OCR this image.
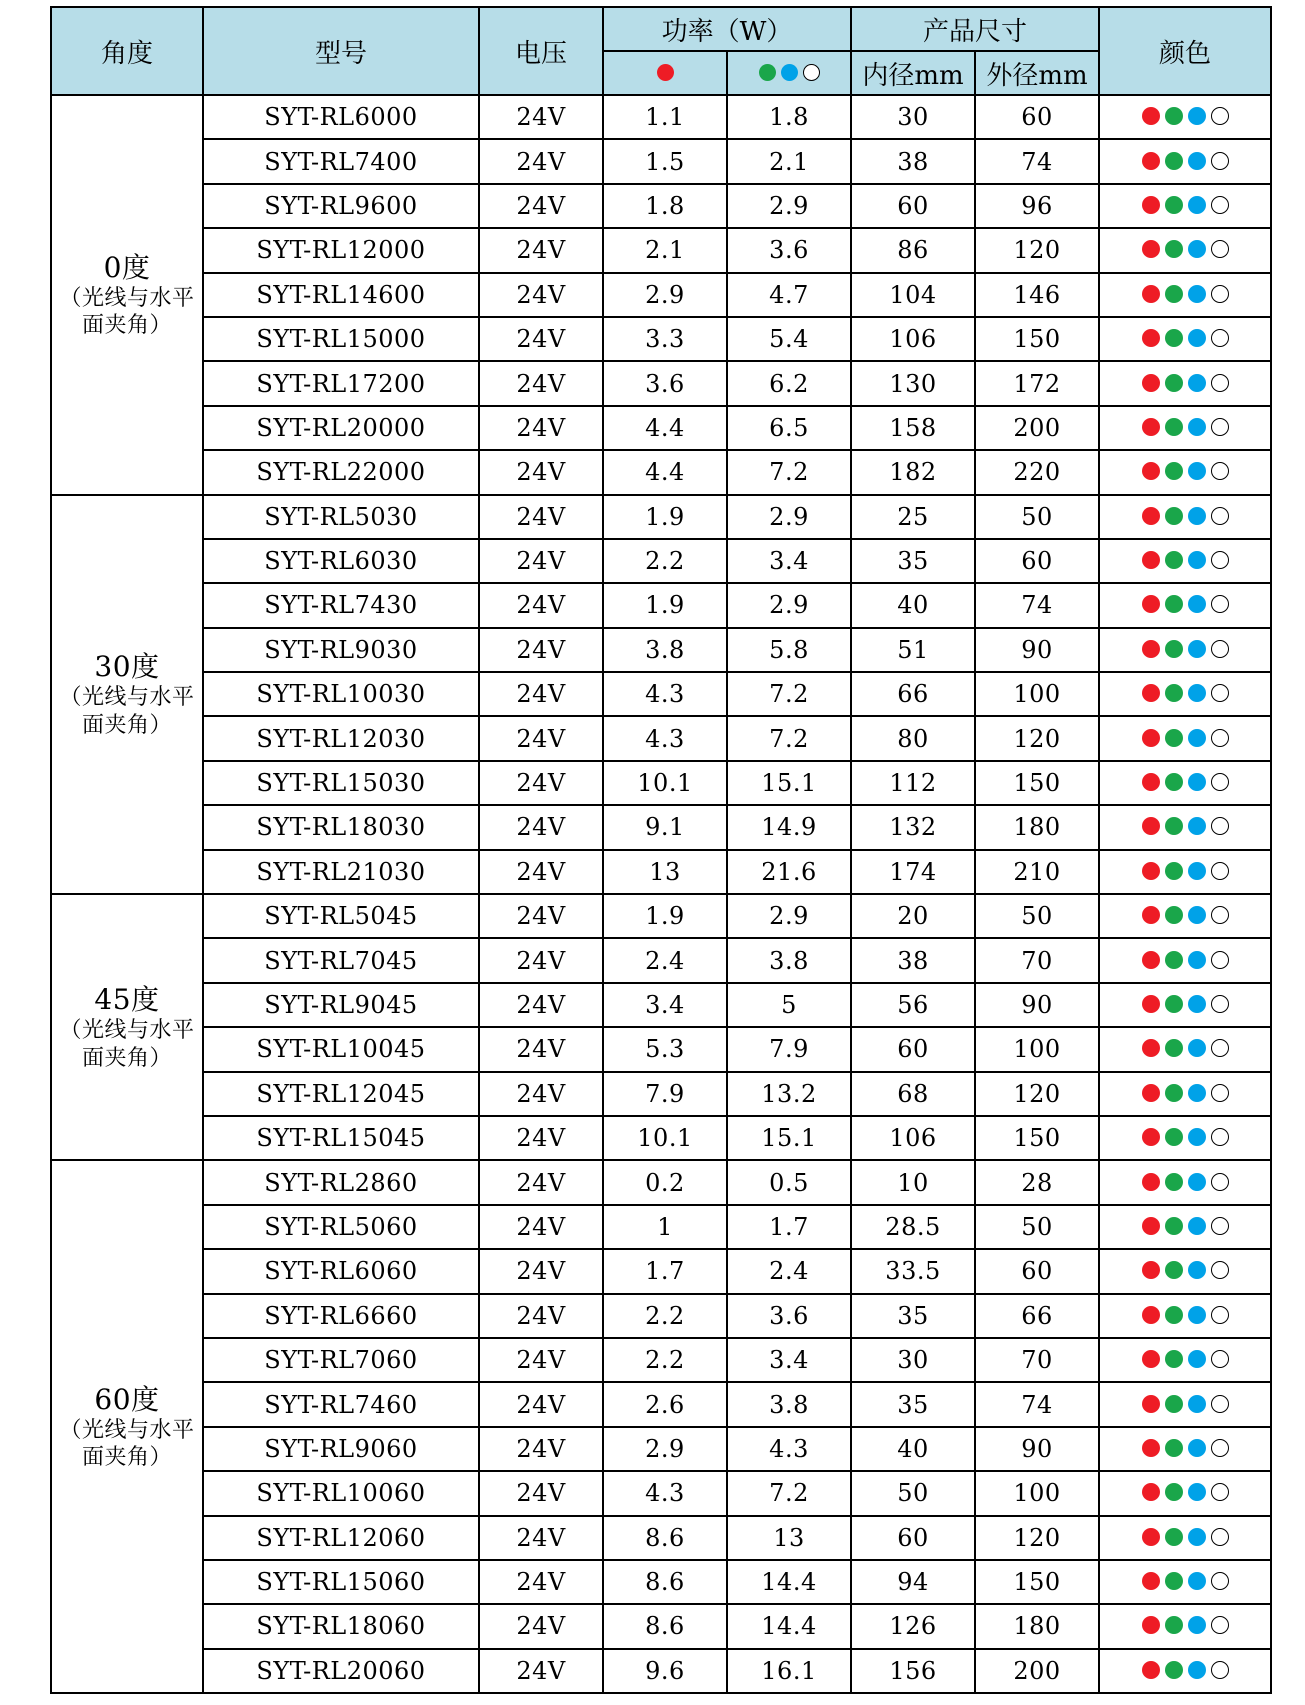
角度	型号	电压	功率（W）		产品尺寸		颜色

				内径mm	外径mm	

0度
（光线与水平面夹角）	SYT-RL6000	24V	1.1	1.8	30	60	

	SYT-RL7400	24V	1.5	2.1	38	74	

	SYT-RL9600	24V	1.8	2.9	60	96	

	SYT-RL12000	24V	2.1	3.6	86	120	

	SYT-RL14600	24V	2.9	4.7	104	146	

	SYT-RL15000	24V	3.3	5.4	106	150	

	SYT-RL17200	24V	3.6	6.2	130	172	

	SYT-RL20000	24V	4.4	6.5	158	200	

	SYT-RL22000	24V	4.4	7.2	182	220	

30度
（光线与水平面夹角）	SYT-RL5030	24V	1.9	2.9	25	50	

	SYT-RL6030	24V	2.2	3.4	35	60	

	SYT-RL7430	24V	1.9	2.9	40	74	

	SYT-RL9030	24V	3.8	5.8	51	90	

	SYT-RL10030	24V	4.3	7.2	66	100	

	SYT-RL12030	24V	4.3	7.2	80	120	

	SYT-RL15030	24V	10.1	15.1	112	150	

	SYT-RL18030	24V	9.1	14.9	132	180	

	SYT-RL21030	24V	13	21.6	174	210	

45度
（光线与水平面夹角）	SYT-RL5045	24V	1.9	2.9	20	50	

	SYT-RL7045	24V	2.4	3.8	38	70	

	SYT-RL9045	24V	3.4	5	56	90	

	SYT-RL10045	24V	5.3	7.9	60	100	

	SYT-RL12045	24V	7.9	13.2	68	120	

	SYT-RL15045	24V	10.1	15.1	106	150	

60度
（光线与水平面夹角）	SYT-RL2860	24V	0.2	0.5	10	28	

	SYT-RL5060	24V	1	1.7	28.5	50	

	SYT-RL6060	24V	1.7	2.4	33.5	60	

	SYT-RL6660	24V	2.2	3.6	35	66	

	SYT-RL7060	24V	2.2	3.4	30	70	

	SYT-RL7460	24V	2.6	3.8	35	74	

	SYT-RL9060	24V	2.9	4.3	40	90	

	SYT-RL10060	24V	4.3	7.2	50	100	

	SYT-RL12060	24V	8.6	13	60	120	

	SYT-RL15060	24V	8.6	14.4	94	150	

	SYT-RL18060	24V	8.6	14.4	126	180	

	SYT-RL20060	24V	9.6	16.1	156	200	
